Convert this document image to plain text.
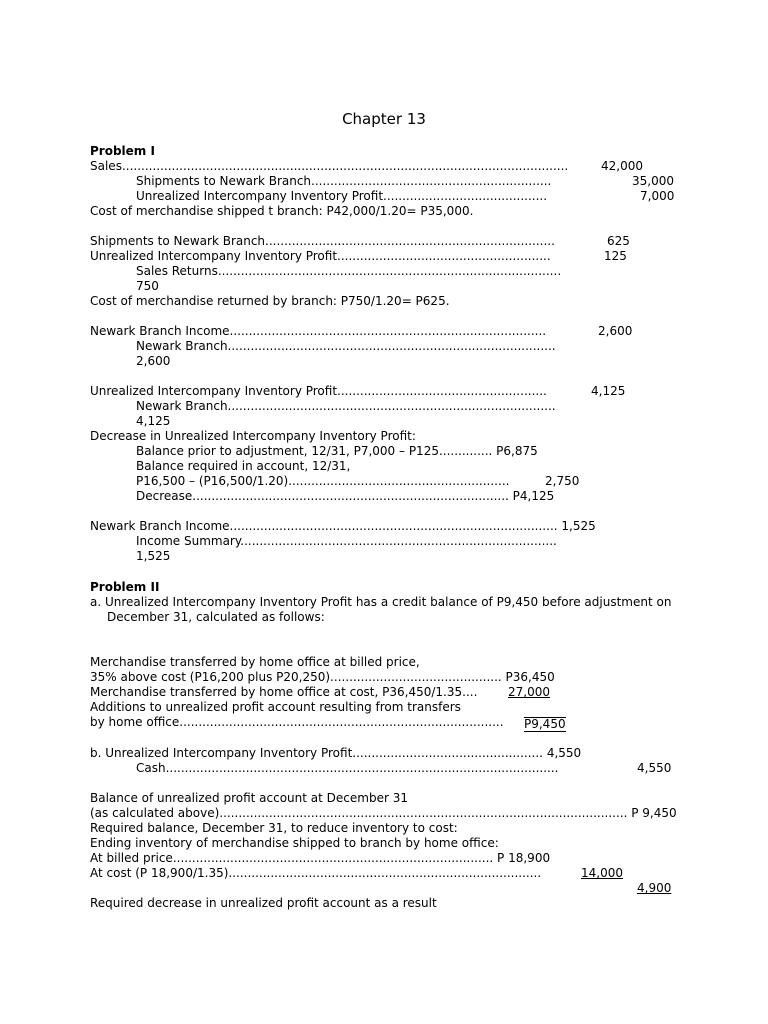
Chapter 13
Problem I
Sales.....................................................................................................................	42,000
Shipments to Newark Branch...............................................................	35,000
Unrealized Intercompany Inventory Profit...........................................	7,000
Cost of merchandise shipped t branch: P42,000/1.20= P35,000.
Shipments to Newark Branch............................................................................	625
Unrealized Intercompany Inventory Profit........................................................	125
Sales Returns..........................................................................................
750
Cost of merchandise returned by branch: P750/1.20= P625.
Newark Branch Income...................................................................................	2,600
Newark Branch......................................................................................
2,600
Unrealized Intercompany Inventory Profit.......................................................	4,125
Newark Branch......................................................................................
4,125
Decrease in Unrealized Intercompany Inventory Profit:
Balance prior to adjustment, 12/31, P7,000 – P125.............. P6,875
Balance required in account, 12/31,
P16,500 – (P16,500/1.20)..........................................................	2,750
Decrease................................................................................... P4,125
Newark Branch Income...................................................................................... 1,525
Income Summary...................................................................................
1,525
Problem II
a. Unrealized Intercompany Inventory Profit has a credit balance of P9,450 before adjustment on
December 31, calculated as follows:
Merchandise transferred by home office at billed price,
35% above cost (P16,200 plus P20,250)............................................. P36,450
Merchandise transferred by home office at cost, P36,450/1.35....	27,000
Additions to unrealized profit account resulting from transfers
by home office..................................................................................... P9,450
b. Unrealized Intercompany Inventory Profit.................................................. 4,550
Cash.......................................................................................................	4,550
Balance of unrealized profit account at December 31
(as calculated above)........................................................................................................... P 9,450
Required balance, December 31, to reduce inventory to cost:
Ending inventory of merchandise shipped to branch by home office:
At billed price.................................................................................... P 18,900
At cost (P 18,900/1.35)..................................................................................	14,000
4,900
Required decrease in unrealized profit account as a result
